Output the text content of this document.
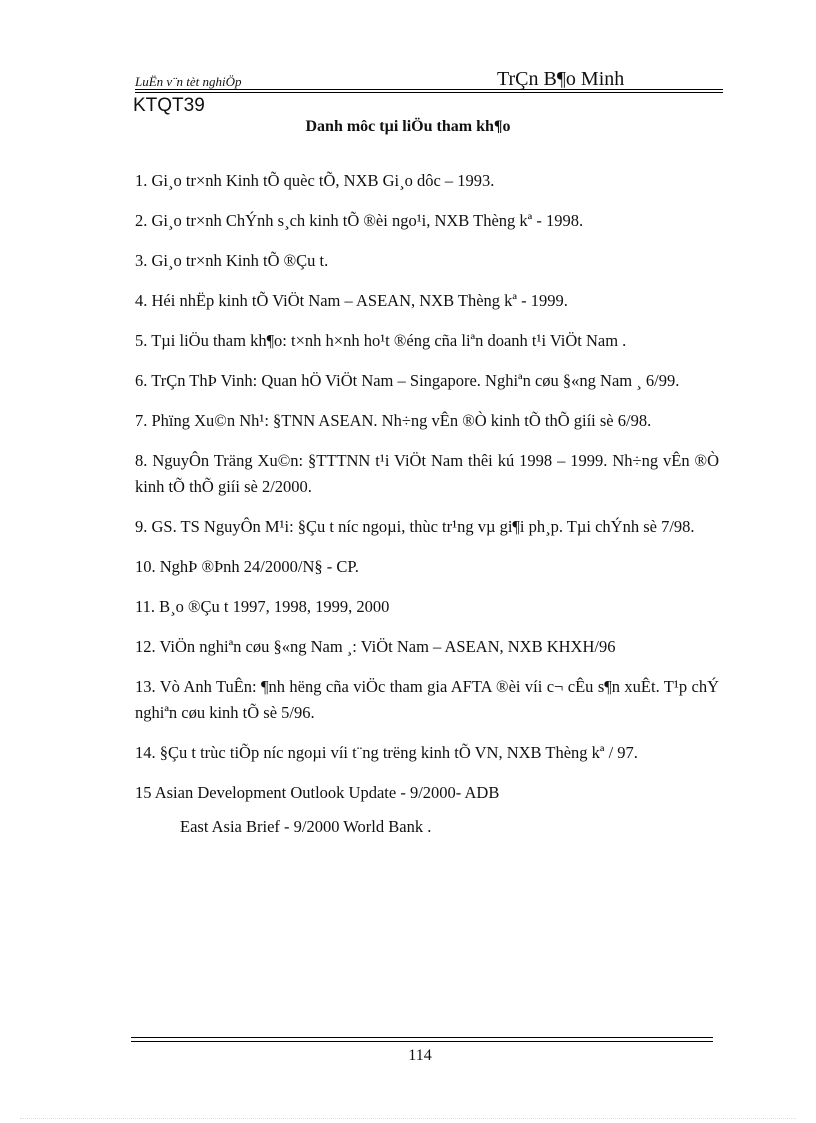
LuËn v¨n tèt nghiÖp	TrÇn B¶o Minh
KTQT39
Danh môc tµi liÖu tham kh¶o
1. Gi¸o tr×nh Kinh tÕ quèc tÕ, NXB Gi¸o dôc – 1993.
2. Gi¸o tr×nh ChÝnh s¸ch kinh tÕ ®èi ngo¹i, NXB Thèng kª - 1998.
3. Gi¸o tr×nh Kinh tÕ ®Çu t.
4. Héi nhËp kinh tÕ ViÖt Nam – ASEAN, NXB Thèng kª - 1999.
5. Tµi liÖu tham kh¶o: t×nh h×nh ho¹t ®éng cña liªn doanh t¹i ViÖt Nam .
6. TrÇn ThÞ Vinh: Quan hÖ ViÖt Nam – Singapore. Nghiªn cøu §«ng Nam ¸ 6/99.
7. Phïng Xu©n Nh¹: §TNN ASEAN. Nh÷ng vÊn ®Ò kinh tÕ thÕ giíi sè 6/98.
8. NguyÔn Träng Xu©n: §TTTNN t¹i ViÖt Nam thêi kú 1998 – 1999. Nh÷ng vÊn ®Ò kinh tÕ thÕ giíi sè 2/2000.
9. GS. TS NguyÔn M¹i: §Çu t níc ngoµi, thùc tr¹ng vµ gi¶i ph¸p. Tµi chÝnh sè 7/98.
10. NghÞ ®Þnh 24/2000/N§ - CP.
11. B¸o ®Çu t 1997, 1998, 1999, 2000
12. ViÖn nghiªn cøu §«ng Nam ¸: ViÖt Nam – ASEAN, NXB KHXH/96
13. Vò Anh TuÊn: ¶nh hëng cña viÖc tham gia AFTA ®èi víi c¬ cÊu s¶n xuÊt. T¹p chÝ nghiªn cøu kinh tÕ sè 5/96.
14. §Çu t trùc tiÕp níc ngoµi víi t¨ng trëng kinh tÕ VN, NXB Thèng kª / 97.
15 Asian Development Outlook Update - 9/2000- ADB
East Asia Brief - 9/2000 World Bank .
114
